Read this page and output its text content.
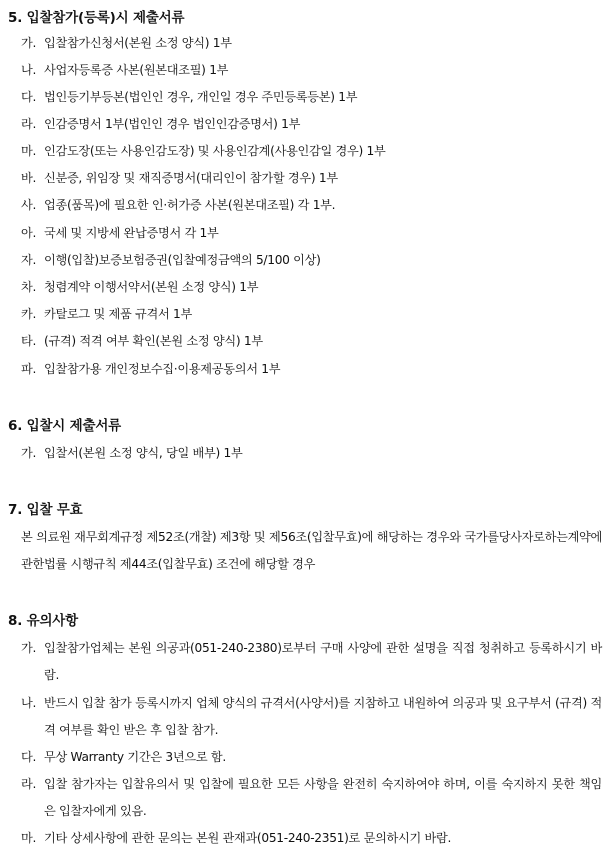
5. 입찰참가(등록)시 제출서류
가. 입찰참가신청서(본원 소정 양식) 1부
나. 사업자등록증 사본(원본대조필) 1부
다. 법인등기부등본(법인인 경우, 개인일 경우 주민등록등본) 1부
라. 인감증명서 1부(법인인 경우 법인인감증명서) 1부
마. 인감도장(또는 사용인감도장) 및 사용인감계(사용인감일 경우) 1부
바. 신분증, 위임장 및 재직증명서(대리인이 참가할 경우) 1부
사. 업종(품목)에 필요한 인·허가증 사본(원본대조필) 각 1부.
아. 국세 및 지방세 완납증명서 각 1부
자. 이행(입찰)보증보험증권(입찰예정금액의 5/100 이상)
차. 청렴계약 이행서약서(본원 소정 양식) 1부
카. 카탈로그 및 제품 규격서 1부
타. (규격) 적격 여부 확인(본원 소정 양식) 1부
파. 입찰참가용 개인정보수집·이용제공동의서 1부
6. 입찰시 제출서류
가. 입찰서(본원 소정 양식, 당일 배부) 1부
7. 입찰 무효
본 의료원 재무회계규정 제52조(개찰) 제3항 및 제56조(입찰무효)에 해당하는 경우와 국가를당사자로하는계약에관한법률 시행규칙 제44조(입찰무효) 조건에 해당할 경우
8. 유의사항
가. 입찰참가업체는 본원 의공과(051-240-2380)로부터 구매 사양에 관한 설명을 직접 청취하고 등록하시기 바람.
나. 반드시 입찰 참가 등록시까지 업체 양식의 규격서(사양서)를 지참하고 내원하여 의공과 및 요구부서 (규격) 적격 여부를 확인 받은 후 입찰 참가.
다. 무상 Warranty 기간은 3년으로 함.
라. 입찰 참가자는 입찰유의서 및 입찰에 필요한 모든 사항을 완전히 숙지하여야 하며, 이를 숙지하지 못한 책임은 입찰자에게 있음.
마. 기타 상세사항에 관한 문의는 본원 관재과(051-240-2351)로 문의하시기 바람.
